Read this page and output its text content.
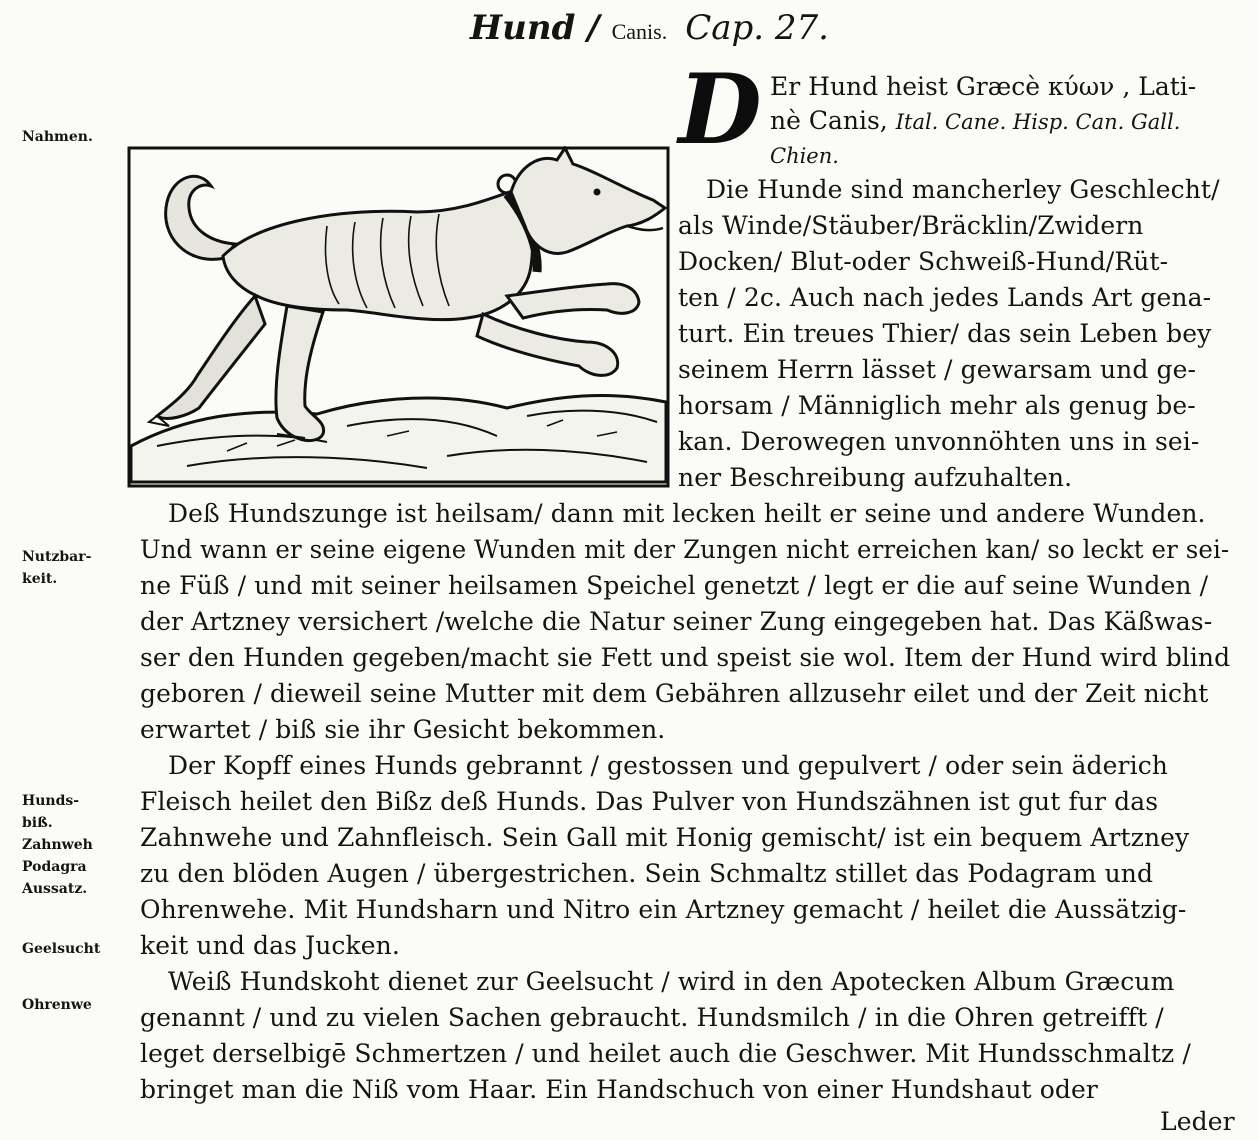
Hund / Canis. Cap. 27.
Nahmen.
Nutzbar-
keit.
Hunds-
biß.
Zahnweh
Podagra
Aussatz.
Geelsucht
Ohrenwe
D Er Hund heist Græcè κύων , Lati-
nè Canis, Ital. Cane. Hisp. Can. Gall.
Chien.
Die Hunde sind mancherley Geschlecht/
als Winde/Stäuber/Bräcklin/Zwidern
Docken/ Blut-oder Schweiß-Hund/Rüt-
ten / 2c. Auch nach jedes Lands Art gena-
turt. Ein treues Thier/ das sein Leben bey
seinem Herrn lässet / gewarsam und ge-
horsam / Männiglich mehr als genug be-
kan. Derowegen unvonnöhten uns in sei-
ner Beschreibung aufzuhalten.
Deß Hundszunge ist heilsam/ dann mit lecken heilt er seine und andere Wunden.
Und wann er seine eigene Wunden mit der Zungen nicht erreichen kan/ so leckt er sei-
ne Füß / und mit seiner heilsamen Speichel genetzt / legt er die auf seine Wunden /
der Artzney versichert /welche die Natur seiner Zung eingegeben hat. Das Käßwas-
ser den Hunden gegeben/macht sie Fett und speist sie wol. Item der Hund wird blind
geboren / dieweil seine Mutter mit dem Gebähren allzusehr eilet und der Zeit nicht
erwartet / biß sie ihr Gesicht bekommen.
Der Kopff eines Hunds gebrannt / gestossen und gepulvert / oder sein äderich
Fleisch heilet den Bißz deß Hunds. Das Pulver von Hundszähnen ist gut fur das
Zahnwehe und Zahnfleisch. Sein Gall mit Honig gemischt/ ist ein bequem Artzney
zu den blöden Augen / übergestrichen. Sein Schmaltz stillet das Podagram und
Ohrenwehe. Mit Hundsharn und Nitro ein Artzney gemacht / heilet die Aussätzig-
keit und das Jucken.
Weiß Hundskoht dienet zur Geelsucht / wird in den Apotecken Album Græcum
genannt / und zu vielen Sachen gebraucht. Hundsmilch / in die Ohren getreifft /
leget derselbigē Schmertzen / und heilet auch die Geschwer. Mit Hundsschmaltz /
bringet man die Niß vom Haar. Ein Handschuch von einer Hundshaut oder
Leder
